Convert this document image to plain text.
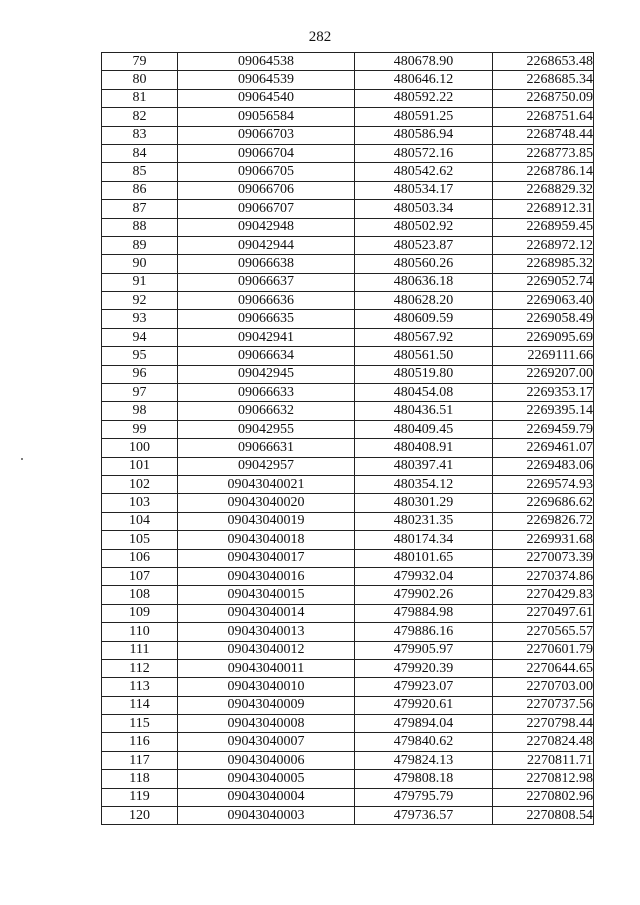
282
79	09064538	480678.90	2268653.48
80	09064539	480646.12	2268685.34
81	09064540	480592.22	2268750.09
82	09056584	480591.25	2268751.64
83	09066703	480586.94	2268748.44
84	09066704	480572.16	2268773.85
85	09066705	480542.62	2268786.14
86	09066706	480534.17	2268829.32
87	09066707	480503.34	2268912.31
88	09042948	480502.92	2268959.45
89	09042944	480523.87	2268972.12
90	09066638	480560.26	2268985.32
91	09066637	480636.18	2269052.74
92	09066636	480628.20	2269063.40
93	09066635	480609.59	2269058.49
94	09042941	480567.92	2269095.69
95	09066634	480561.50	2269111.66
96	09042945	480519.80	2269207.00
97	09066633	480454.08	2269353.17
98	09066632	480436.51	2269395.14
99	09042955	480409.45	2269459.79
100	09066631	480408.91	2269461.07
101	09042957	480397.41	2269483.06
102	09043040021	480354.12	2269574.93
103	09043040020	480301.29	2269686.62
104	09043040019	480231.35	2269826.72
105	09043040018	480174.34	2269931.68
106	09043040017	480101.65	2270073.39
107	09043040016	479932.04	2270374.86
108	09043040015	479902.26	2270429.83
109	09043040014	479884.98	2270497.61
110	09043040013	479886.16	2270565.57
111	09043040012	479905.97	2270601.79
112	09043040011	479920.39	2270644.65
113	09043040010	479923.07	2270703.00
114	09043040009	479920.61	2270737.56
115	09043040008	479894.04	2270798.44
116	09043040007	479840.62	2270824.48
117	09043040006	479824.13	2270811.71
118	09043040005	479808.18	2270812.98
119	09043040004	479795.79	2270802.96
120	09043040003	479736.57	2270808.54
